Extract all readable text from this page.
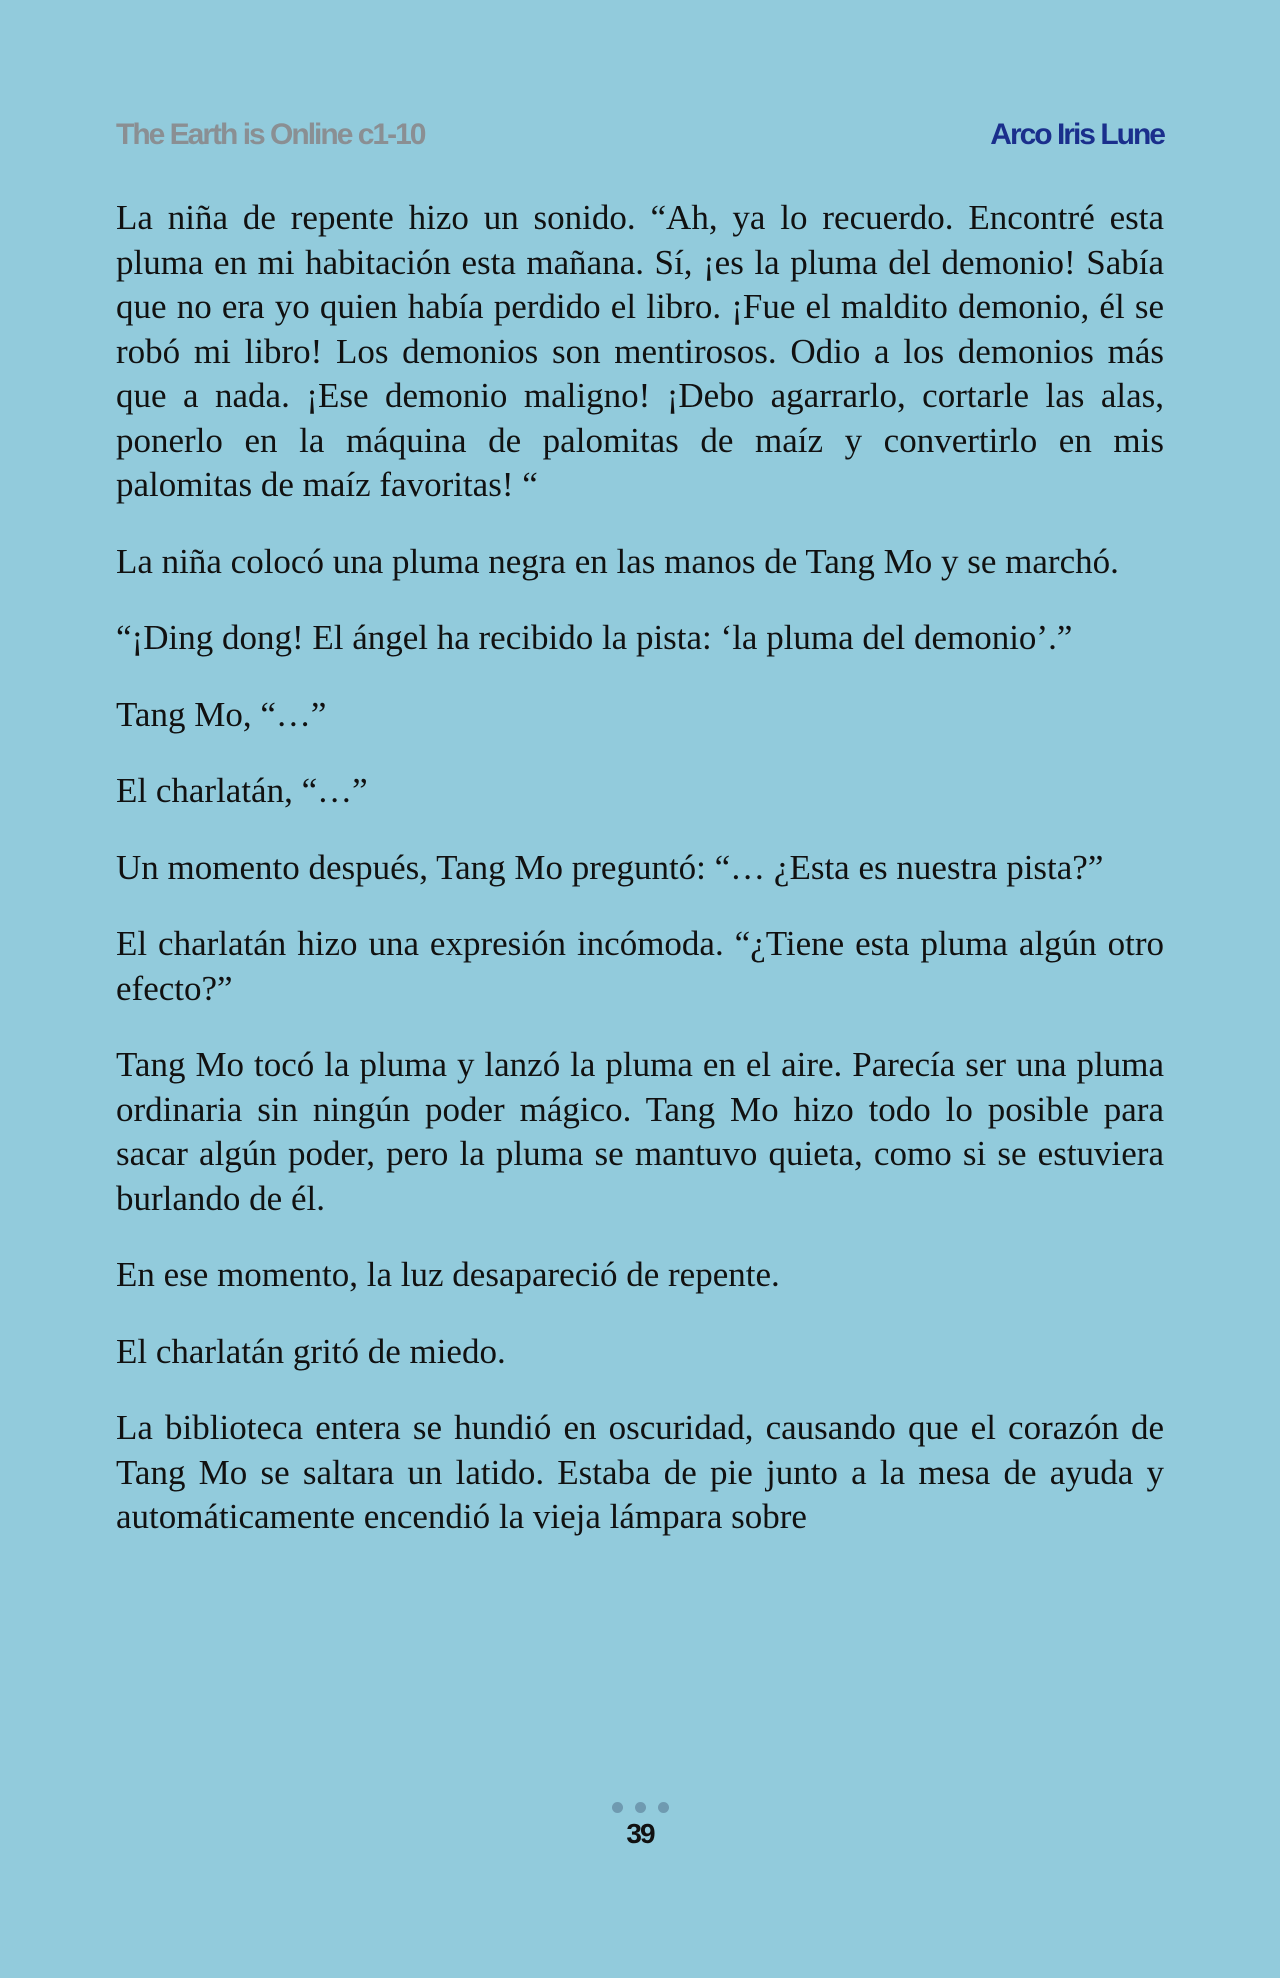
The Earth is Online c1-10	Arco Iris Lune

La niña de repente hizo un sonido. “Ah, ya lo recuerdo. Encontré esta pluma en mi habitación esta mañana. Sí, ¡es la pluma del demonio! Sabía que no era yo quien había perdido el libro. ¡Fue el maldito demonio, él se robó mi libro! Los demonios son mentirosos. Odio a los demonios más que a nada. ¡Ese demonio maligno! ¡Debo agarrarlo, cortarle las alas, ponerlo en la máquina de palomitas de maíz y convertirlo en mis palomitas de maíz favoritas! “

La niña colocó una pluma negra en las manos de Tang Mo y se marchó.

“¡Ding dong! El ángel ha recibido la pista: ‘la pluma del demonio’.”

Tang Mo, “…”

El charlatán, “…”

Un momento después, Tang Mo preguntó: “… ¿Esta es nuestra pista?”

El charlatán hizo una expresión incómoda. “¿Tiene esta pluma algún otro efecto?”

Tang Mo tocó la pluma y lanzó la pluma en el aire. Parecía ser una pluma ordinaria sin ningún poder mágico. Tang Mo hizo todo lo posible para sacar algún poder, pero la pluma se mantuvo quieta, como si se estuviera burlando de él.

En ese momento, la luz desapareció de repente.

El charlatán gritó de miedo.

La biblioteca entera se hundió en oscuridad, causando que el corazón de Tang Mo se saltara un latido. Estaba de pie junto a la mesa de ayuda y automáticamente encendió la vieja lámpara sobre

39
